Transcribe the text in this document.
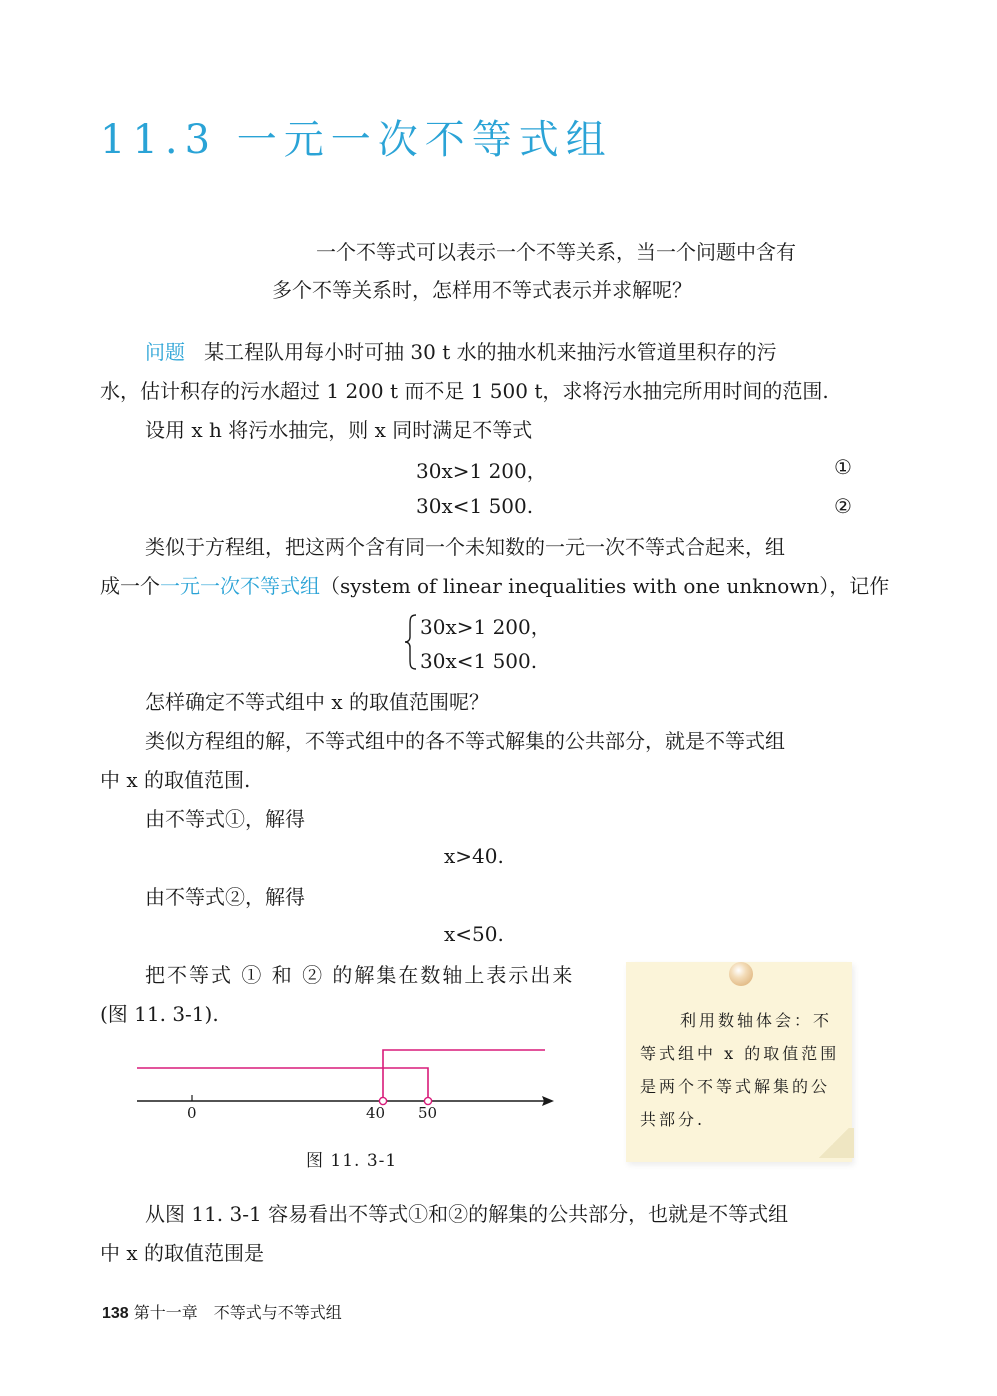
11.3 一元一次不等式组
一个不等式可以表示一个不等关系，当一个问题中含有
多个不等关系时，怎样用不等式表示并求解呢？
问题 某工程队用每小时可抽 30 t 水的抽水机来抽污水管道里积存的污
水，估计积存的污水超过 1 200 t 而不足 1 500 t，求将污水抽完所用时间的范围.
设用 x h 将污水抽完，则 x 同时满足不等式
30x>1 200，	①
30x<1 500.	②
类似于方程组，把这两个含有同一个未知数的一元一次不等式合起来，组
成一个一元一次不等式组（system of linear inequalities with one unknown），记作
30x>1 200，
30x<1 500.
怎样确定不等式组中 x 的取值范围呢？
类似方程组的解，不等式组中的各不等式解集的公共部分，就是不等式组
中 x 的取值范围.
由不等式①，解得
x>40.
由不等式②，解得
x<50.
把不等式 ① 和 ② 的解集在数轴上表示出来
(图 11. 3-1).
0	40 50
图 11. 3-1
利用数轴体会：不
等式组中 x 的取值范围
是两个不等式解集的公
共部分.
从图 11. 3-1 容易看出不等式①和②的解集的公共部分，也就是不等式组
中 x 的取值范围是
138 第十一章　不等式与不等式组
